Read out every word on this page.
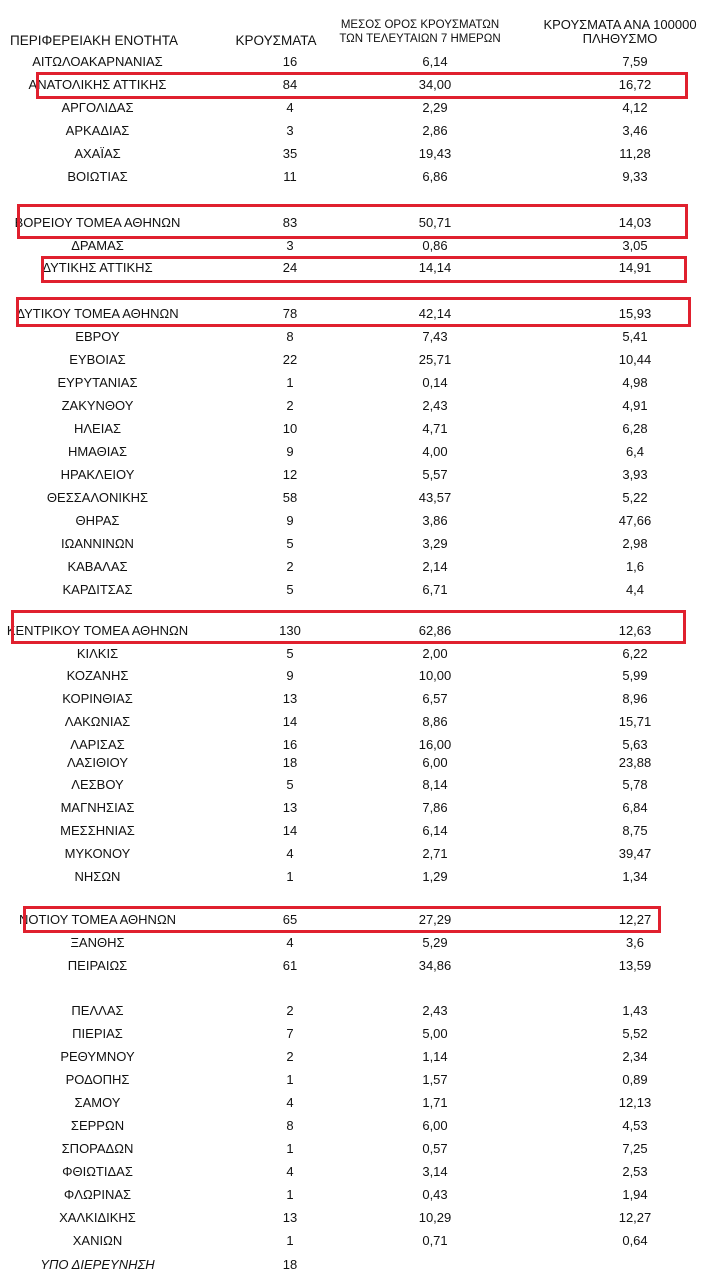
ΠΕΡΙΦΕΡΕΙΑΚΗ ΕΝΟΤΗΤΑ	ΚΡΟΥΣΜΑΤΑ
ΜΕΣΟΣ ΟΡΟΣ ΚΡΟΥΣΜΑΤΩΝ
ΤΩΝ ΤΕΛΕΥΤΑΙΩΝ 7 ΗΜΕΡΩΝ
ΚΡΟΥΣΜΑΤΑ ΑΝΑ 100000
ΠΛΗΘΥΣΜΟ
ΑΙΤΩΛΟΑΚΑΡΝΑΝΙΑΣ	16	6,14	7,59
ΑΝΑΤΟΛΙΚΗΣ ΑΤΤΙΚΗΣ	84	34,00	16,72
ΑΡΓΟΛΙΔΑΣ	4	2,29	4,12
ΑΡΚΑΔΙΑΣ	3	2,86	3,46
ΑΧΑΪΑΣ	35	19,43	11,28
ΒΟΙΩΤΙΑΣ	11	6,86	9,33
ΒΟΡΕΙΟΥ ΤΟΜΕΑ ΑΘΗΝΩΝ	83	50,71	14,03
ΔΡΑΜΑΣ	3	0,86	3,05
ΔΥΤΙΚΗΣ ΑΤΤΙΚΗΣ	24	14,14	14,91
ΔΥΤΙΚΟΥ ΤΟΜΕΑ ΑΘΗΝΩΝ	78	42,14	15,93
ΕΒΡΟΥ	8	7,43	5,41
ΕΥΒΟΙΑΣ	22	25,71	10,44
ΕΥΡΥΤΑΝΙΑΣ	1	0,14	4,98
ΖΑΚΥΝΘΟΥ	2	2,43	4,91
ΗΛΕΙΑΣ	10	4,71	6,28
ΗΜΑΘΙΑΣ	9	4,00	6,4
ΗΡΑΚΛΕΙΟΥ	12	5,57	3,93
ΘΕΣΣΑΛΟΝΙΚΗΣ	58	43,57	5,22
ΘΗΡΑΣ	9	3,86	47,66
ΙΩΑΝΝΙΝΩΝ	5	3,29	2,98
ΚΑΒΑΛΑΣ	2	2,14	1,6
ΚΑΡΔΙΤΣΑΣ	5	6,71	4,4
ΚΕΝΤΡΙΚΟΥ ΤΟΜΕΑ ΑΘΗΝΩΝ	130	62,86	12,63
ΚΙΛΚΙΣ	5	2,00	6,22
ΚΟΖΑΝΗΣ	9	10,00	5,99
ΚΟΡΙΝΘΙΑΣ	13	6,57	8,96
ΛΑΚΩΝΙΑΣ	14	8,86	15,71
ΛΑΡΙΣΑΣ	16	16,00	5,63
ΛΑΣΙΘΙΟΥ	18	6,00	23,88
ΛΕΣΒΟΥ	5	8,14	5,78
ΜΑΓΝΗΣΙΑΣ	13	7,86	6,84
ΜΕΣΣΗΝΙΑΣ	14	6,14	8,75
ΜΥΚΟΝΟΥ	4	2,71	39,47
ΝΗΣΩΝ	1	1,29	1,34
ΝΟΤΙΟΥ ΤΟΜΕΑ ΑΘΗΝΩΝ	65	27,29	12,27
ΞΑΝΘΗΣ	4	5,29	3,6
ΠΕΙΡΑΙΩΣ	61	34,86	13,59
ΠΕΛΛΑΣ	2	2,43	1,43
ΠΙΕΡΙΑΣ	7	5,00	5,52
ΡΕΘΥΜΝΟΥ	2	1,14	2,34
ΡΟΔΟΠΗΣ	1	1,57	0,89
ΣΑΜΟΥ	4	1,71	12,13
ΣΕΡΡΩΝ	8	6,00	4,53
ΣΠΟΡΑΔΩΝ	1	0,57	7,25
ΦΘΙΩΤΙΔΑΣ	4	3,14	2,53
ΦΛΩΡΙΝΑΣ	1	0,43	1,94
ΧΑΛΚΙΔΙΚΗΣ	13	10,29	12,27
ΧΑΝΙΩΝ	1	0,71	0,64
ΥΠΟ ΔΙΕΡΕΥΝΗΣΗ	18
